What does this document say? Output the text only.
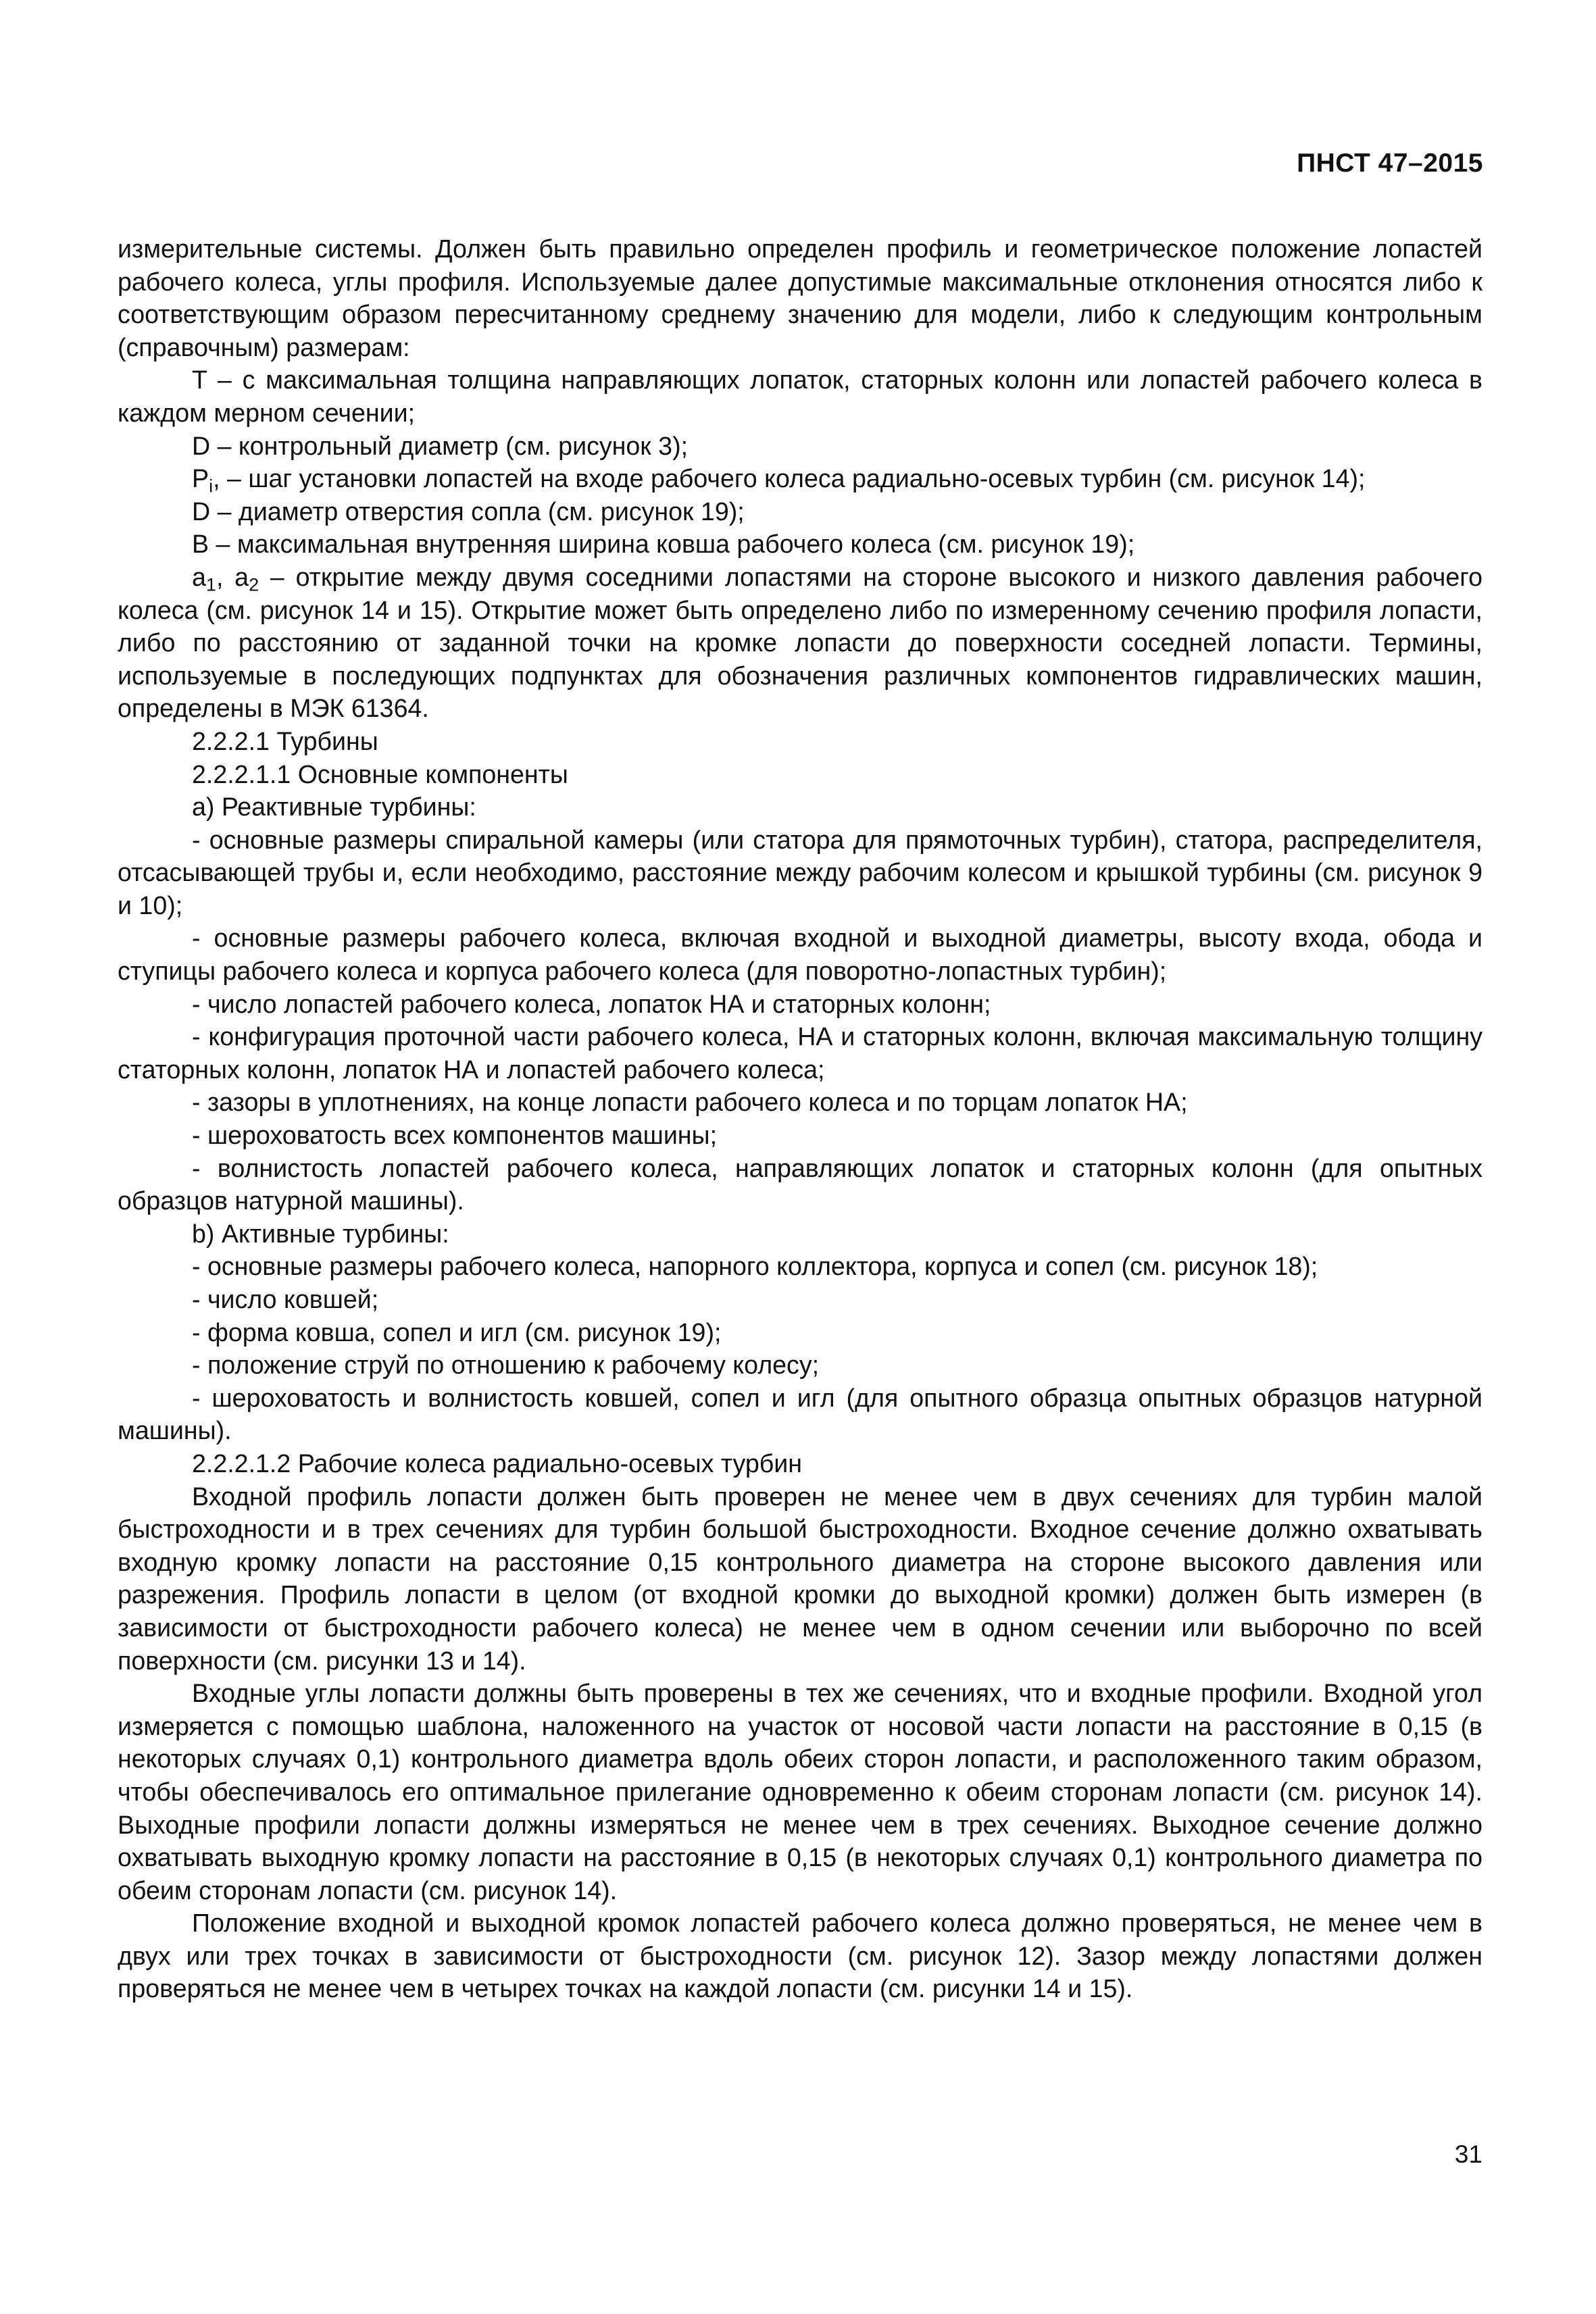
ПНСТ 47–2015

измерительные системы. Должен быть правильно определен профиль и геометрическое положение лопастей рабочего колеса, углы профиля. Используемые далее допустимые максимальные отклонения относятся либо к соответствующим образом пересчитанному среднему значению для модели, либо к следующим контрольным (справочным) размерам:

T – с максимальная толщина направляющих лопаток, статорных колонн или лопастей рабочего колеса в каждом мерном сечении;

D – контрольный диаметр (см. рисунок 3);

$P_i$, – шаг установки лопастей на входе рабочего колеса радиально-осевых турбин (см. рисунок 14);

D – диаметр отверстия сопла (см. рисунок 19);

B – максимальная внутренняя ширина ковша рабочего колеса (см. рисунок 19);

$a_1$, $a_2$ – открытие между двумя соседними лопастями на стороне высокого и низкого давления рабочего колеса (см. рисунок 14 и 15). Открытие может быть определено либо по измеренному сечению профиля лопасти, либо по расстоянию от заданной точки на кромке лопасти до поверхности соседней лопасти. Термины, используемые в последующих подпунктах для обозначения различных компонентов гидравлических машин, определены в МЭК 61364.

2.2.2.1 Турбины

2.2.2.1.1 Основные компоненты

a) Реактивные турбины:

- основные размеры спиральной камеры (или статора для прямоточных турбин), статора, распределителя, отсасывающей трубы и, если необходимо, расстояние между рабочим колесом и крышкой турбины (см. рисунок 9 и 10);

- основные размеры рабочего колеса, включая входной и выходной диаметры, высоту входа, обода и ступицы рабочего колеса и корпуса рабочего колеса (для поворотно-лопастных турбин);

- число лопастей рабочего колеса, лопаток НА и статорных колонн;

- конфигурация проточной части рабочего колеса, НА и статорных колонн, включая максимальную толщину статорных колонн, лопаток НА и лопастей рабочего колеса;

- зазоры в уплотнениях, на конце лопасти рабочего колеса и по торцам лопаток НА;

- шероховатость всех компонентов машины;

- волнистость лопастей рабочего колеса, направляющих лопаток и статорных колонн (для опытных образцов натурной машины).

b) Активные турбины:

- основные размеры рабочего колеса, напорного коллектора, корпуса и сопел (см. рисунок 18);

- число ковшей;

- форма ковша, сопел и игл (см. рисунок 19);

- положение струй по отношению к рабочему колесу;

- шероховатость и волнистость ковшей, сопел и игл (для опытного образца опытных образцов натурной машины).

2.2.2.1.2 Рабочие колеса радиально-осевых турбин

Входной профиль лопасти должен быть проверен не менее чем в двух сечениях для турбин малой быстроходности и в трех сечениях для турбин большой быстроходности. Входное сечение должно охватывать входную кромку лопасти на расстояние 0,15 контрольного диаметра на стороне высокого давления или разрежения. Профиль лопасти в целом (от входной кромки до выходной кромки) должен быть измерен (в зависимости от быстроходности рабочего колеса) не менее чем в одном сечении или выборочно по всей поверхности (см. рисунки 13 и 14).

Входные углы лопасти должны быть проверены в тех же сечениях, что и входные профили. Входной угол измеряется с помощью шаблона, наложенного на участок от носовой части лопасти на расстояние в 0,15 (в некоторых случаях 0,1) контрольного диаметра вдоль обеих сторон лопасти, и расположенного таким образом, чтобы обеспечивалось его оптимальное прилегание одновременно к обеим сторонам лопасти (см. рисунок 14). Выходные профили лопасти должны измеряться не менее чем в трех сечениях. Выходное сечение должно охватывать выходную кромку лопасти на расстояние в 0,15 (в некоторых случаях 0,1) контрольного диаметра по обеим сторонам лопасти (см. рисунок 14).

Положение входной и выходной кромок лопастей рабочего колеса должно проверяться, не менее чем в двух или трех точках в зависимости от быстроходности (см. рисунок 12). Зазор между лопастями должен проверяться не менее чем в четырех точках на каждой лопасти (см. рисунки 14 и 15).

31
